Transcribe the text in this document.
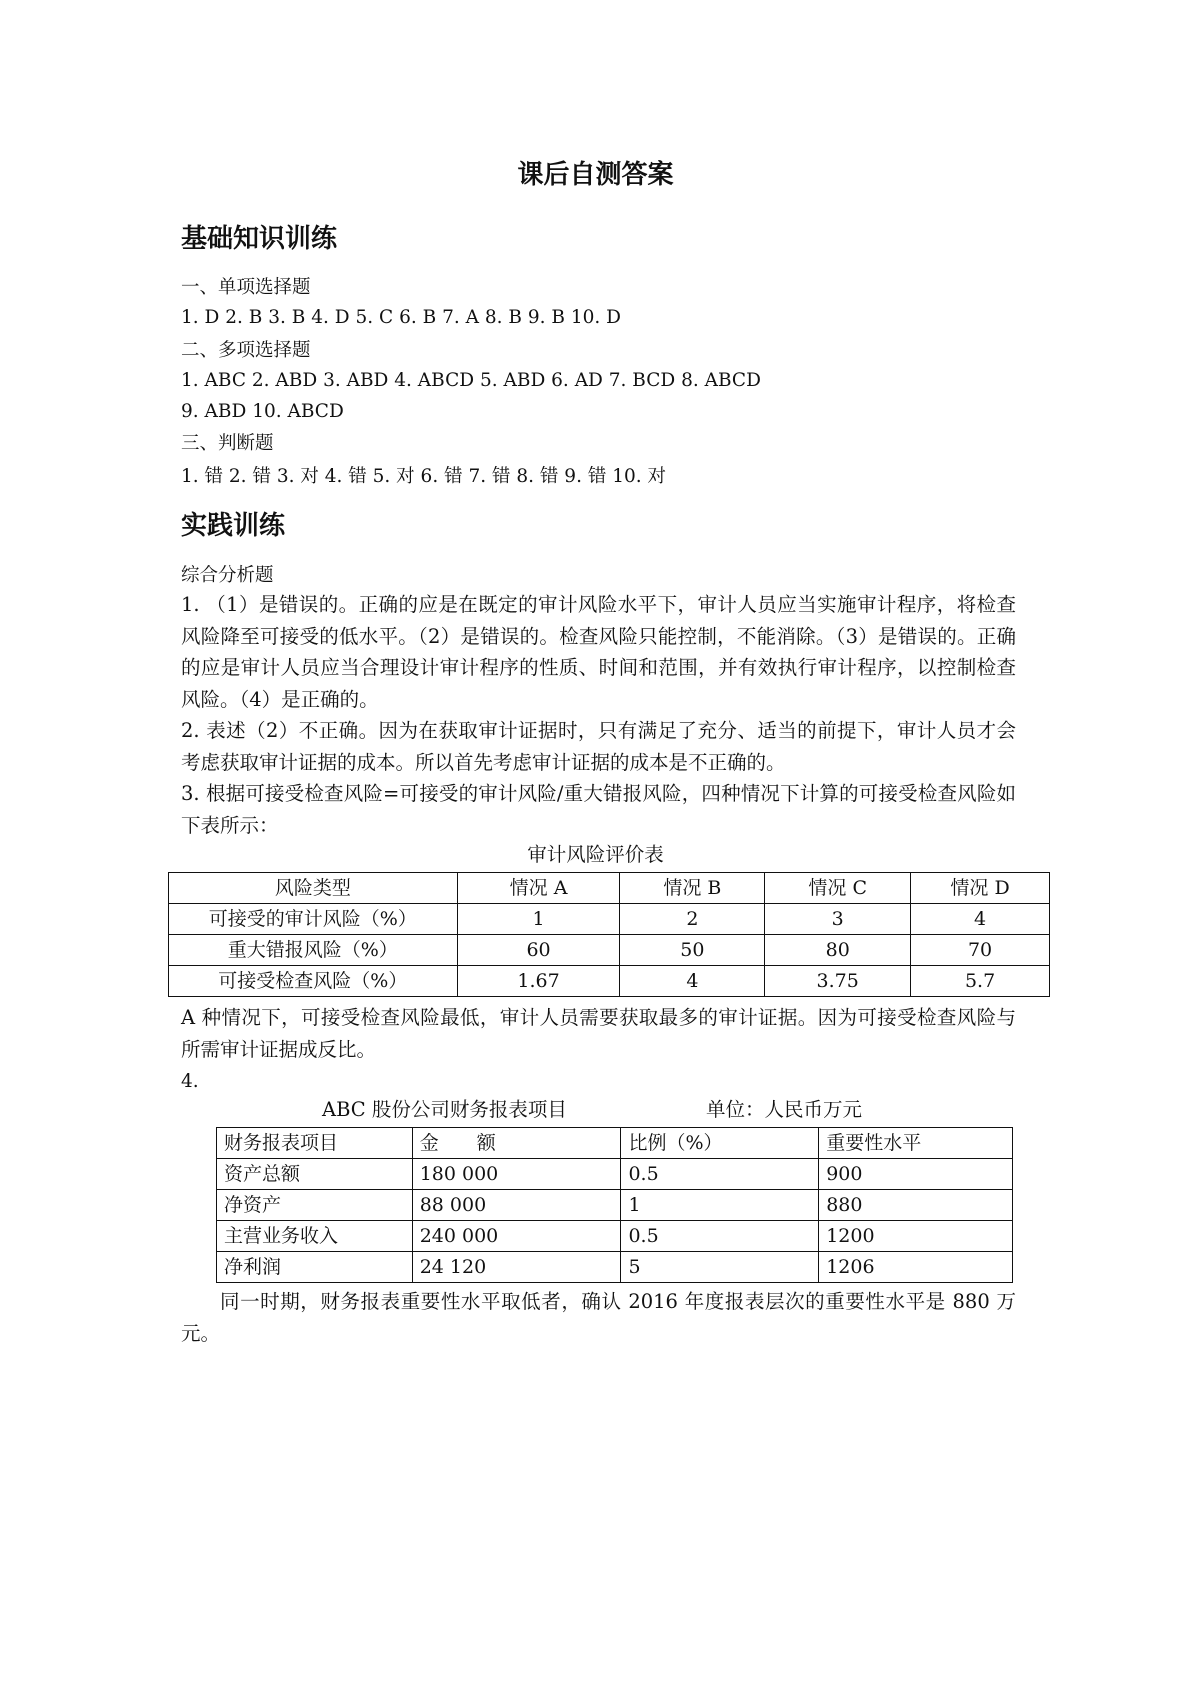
课后自测答案
基础知识训练

一、单项选择题

1. D 2. B 3. B 4. D 5. C 6. B 7. A 8. B 9. B 10. D

二、多项选择题

1. ABC 2. ABD 3. ABD 4. ABCD 5. ABD 6. AD 7. BCD 8. ABCD

9. ABD 10. ABCD

三、判断题

1. 错 2. 错 3. 对 4. 错 5. 对 6. 错 7. 错 8. 错 9. 错 10. 对

实践训练

综合分析题

1. （1）是错误的。正确的应是在既定的审计风险水平下，审计人员应当实施审计程序，将检查风险降至可接受的低水平。（2）是错误的。检查风险只能控制，不能消除。（3）是错误的。正确的应是审计人员应当合理设计审计程序的性质、时间和范围，并有效执行审计程序，以控制检查风险。（4）是正确的。

2. 表述（2）不正确。因为在获取审计证据时，只有满足了充分、适当的前提下，审计人员才会考虑获取审计证据的成本。所以首先考虑审计证据的成本是不正确的。

3. 根据可接受检查风险=可接受的审计风险/重大错报风险，四种情况下计算的可接受检查风险如下表所示：

审计风险评价表

风险类型	情况 A	情况 B	情况 C	情况 D
可接受的审计风险（%）	1	2	3	4
重大错报风险（%）	60	50	80	70
可接受检查风险（%）	1.67	4	3.75	5.7

A 种情况下，可接受检查风险最低，审计人员需要获取最多的审计证据。因为可接受检查风险与所需审计证据成反比。

4.

ABC 股份公司财务报表项目	单位：人民币万元

财务报表项目	金　　额	比例（%）	重要性水平
资产总额	180 000	0.5	900
净资产	88 000	1	880
主营业务收入	240 000	0.5	1200
净利润	24 120	5	1206

同一时期，财务报表重要性水平取低者，确认 2016 年度报表层次的重要性水平是 880 万元。
